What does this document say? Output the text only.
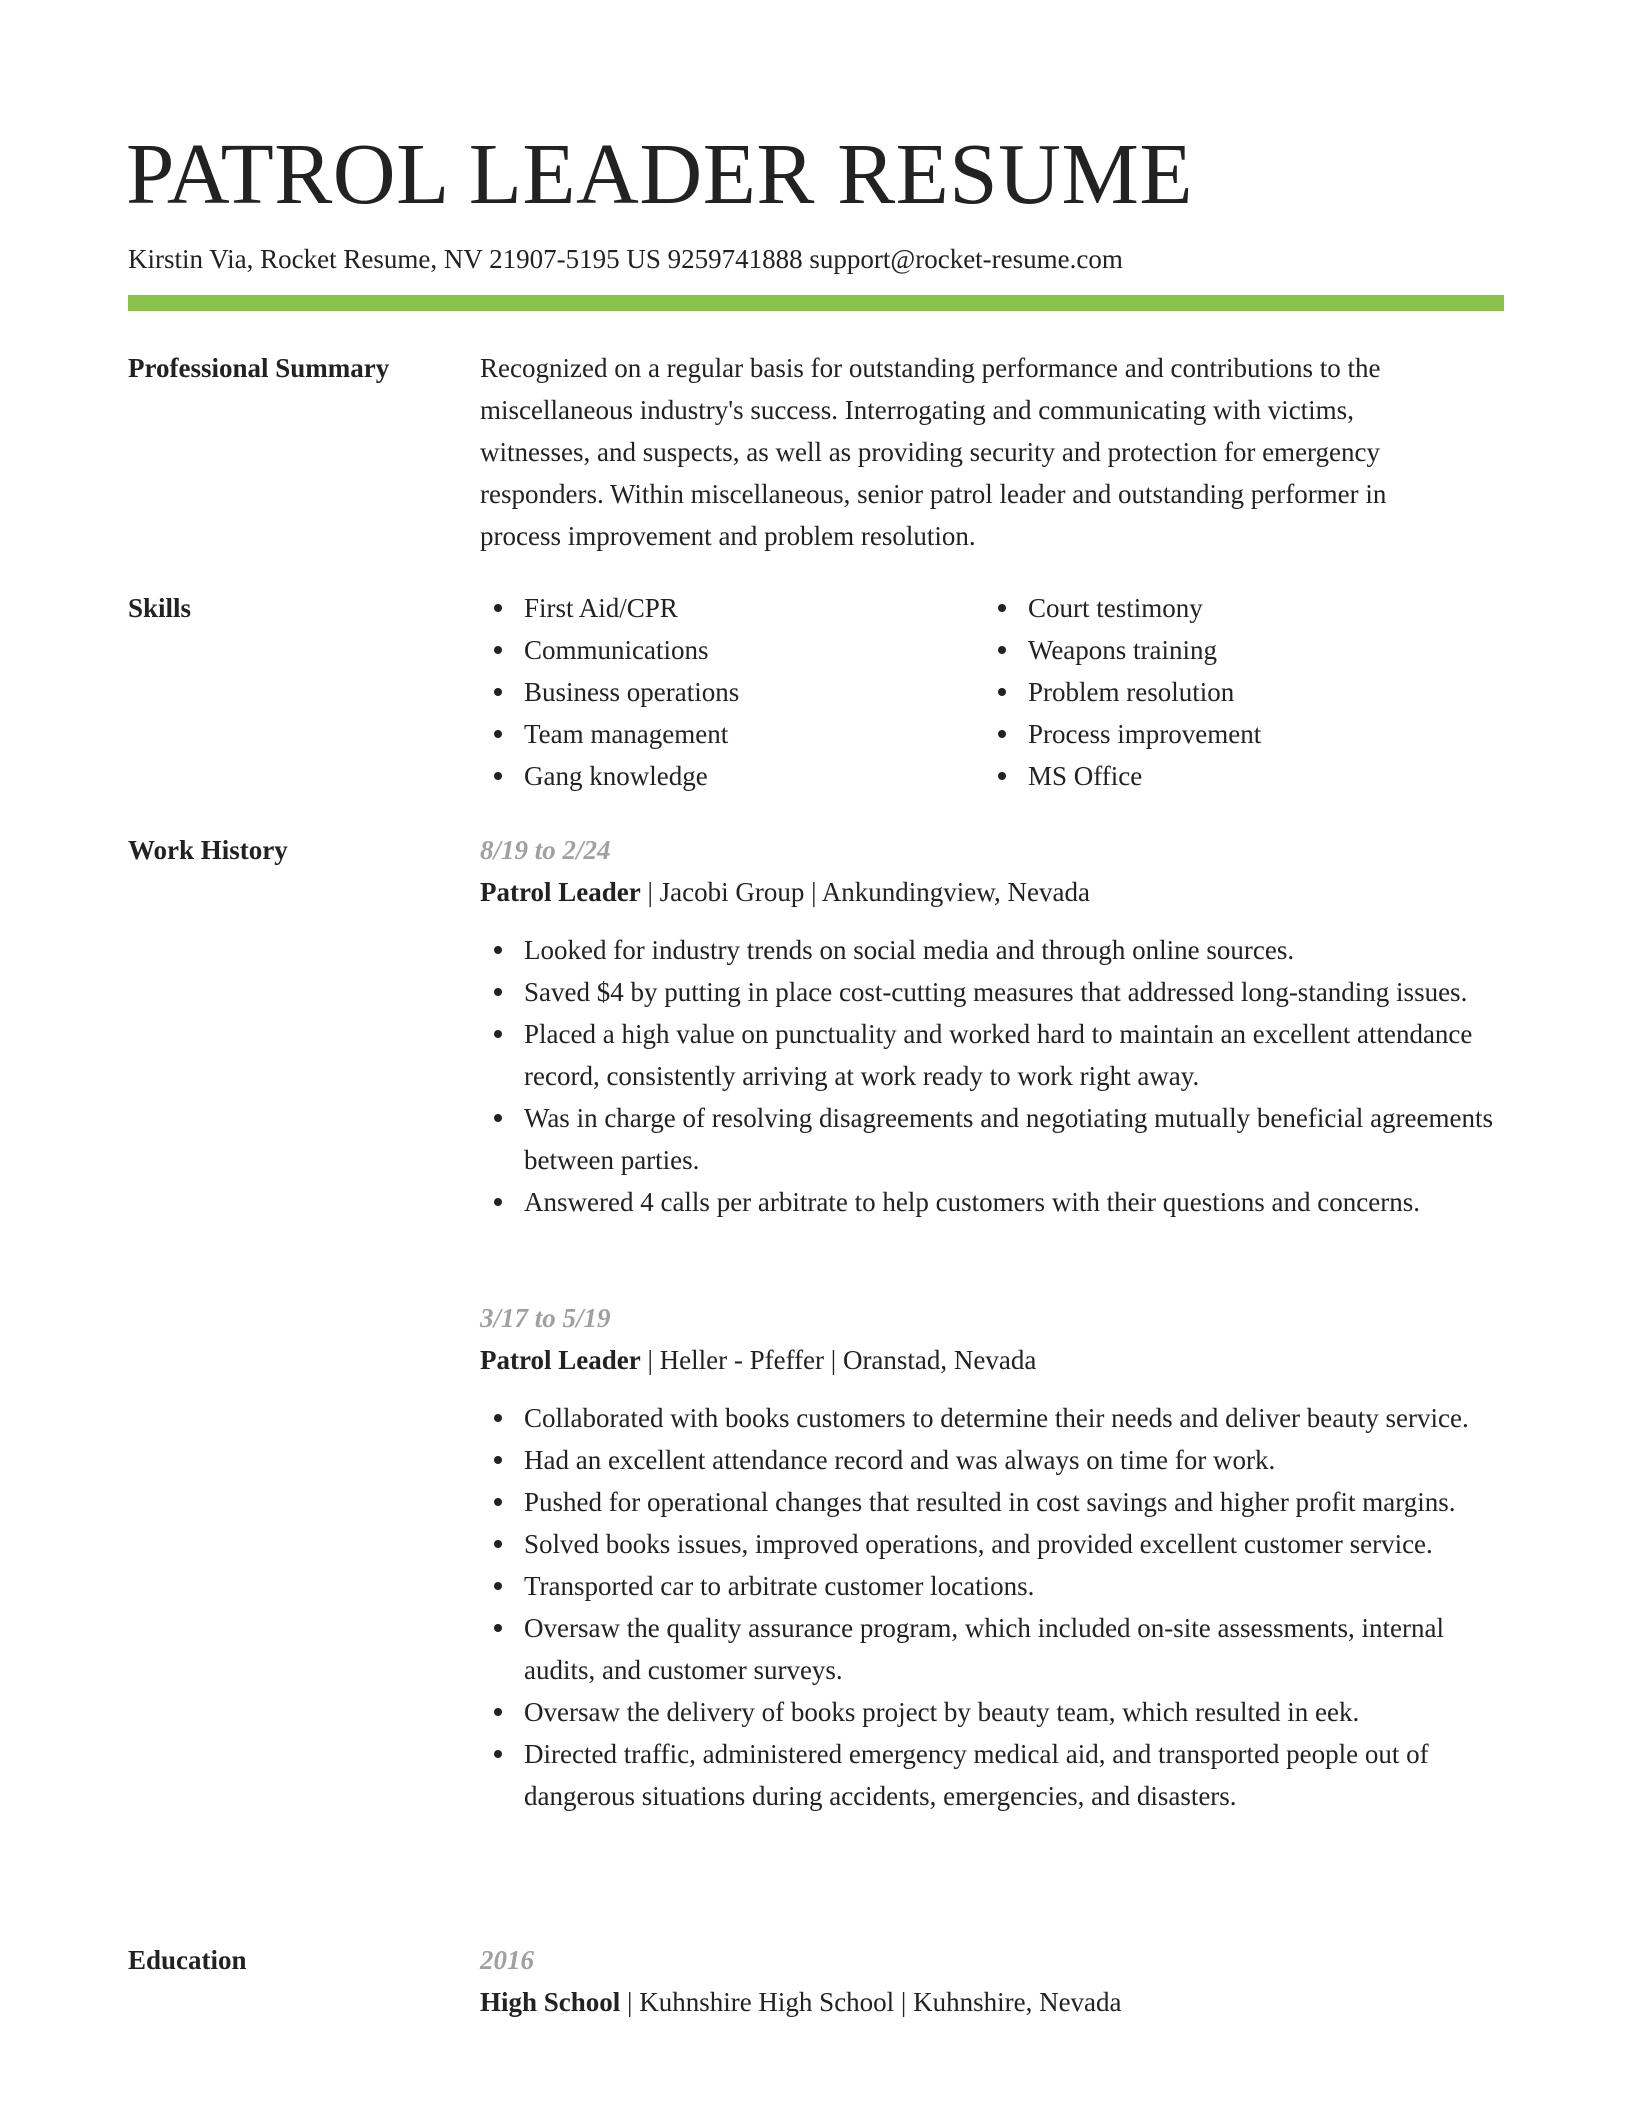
PATROL LEADER RESUME
Kirstin Via, Rocket Resume, NV 21907-5195 US 9259741888 support@rocket-resume.com
Professional Summary	Recognized on a regular basis for outstanding performance and contributions to the miscellaneous industry's success. Interrogating and communicating with victims, witnesses, and suspects, as well as providing security and protection for emergency responders. Within miscellaneous, senior patrol leader and outstanding performer in process improvement and problem resolution.

Skills	First Aid/CPR
Communications
Business operations
Team management
Gang knowledge
Court testimony
Weapons training
Problem resolution
Process improvement
MS Office
Work History	8/19 to 2/24
Patrol Leader | Jacobi Group | Ankundingview, Nevada
Looked for industry trends on social media and through online sources.
Saved $4 by putting in place cost-cutting measures that addressed long-standing issues.
Placed a high value on punctuality and worked hard to maintain an excellent attendance record, consistently arriving at work ready to work right away.
Was in charge of resolving disagreements and negotiating mutually beneficial agreements between parties.
Answered 4 calls per arbitrate to help customers with their questions and concerns.
3/17 to 5/19
Patrol Leader | Heller - Pfeffer | Oranstad, Nevada
Collaborated with books customers to determine their needs and deliver beauty service.
Had an excellent attendance record and was always on time for work.
Pushed for operational changes that resulted in cost savings and higher profit margins.
Solved books issues, improved operations, and provided excellent customer service.
Transported car to arbitrate customer locations.
Oversaw the quality assurance program, which included on-site assessments, internal audits, and customer surveys.
Oversaw the delivery of books project by beauty team, which resulted in eek.
Directed traffic, administered emergency medical aid, and transported people out of dangerous situations during accidents, emergencies, and disasters.
Education	2016
High School | Kuhnshire High School | Kuhnshire, Nevada
